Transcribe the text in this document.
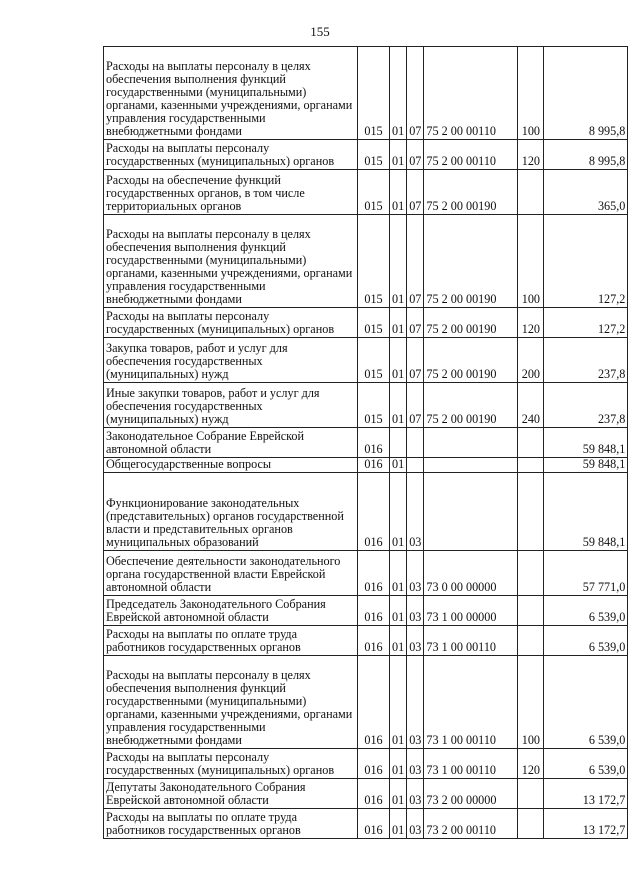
155
Расходы на выплаты персоналу в целях обеспечения выполнения функций государственными (муниципальными) органами, казенными учреждениями, органами управления государственными внебюджетными фондами	015	01	07	75 2 00 00110	100	8 995,8
Расходы на выплаты персоналу государственных (муниципальных) органов	015	01	07	75 2 00 00110	120	8 995,8
Расходы на обеспечение функций государственных органов, в том числе территориальных органов	015	01	07	75 2 00 00190		365,0
Расходы на выплаты персоналу в целях обеспечения выполнения функций государственными (муниципальными) органами, казенными учреждениями, органами управления государственными внебюджетными фондами	015	01	07	75 2 00 00190	100	127,2
Расходы на выплаты персоналу государственных (муниципальных) органов	015	01	07	75 2 00 00190	120	127,2
Закупка товаров, работ и услуг для обеспечения государственных (муниципальных) нужд	015	01	07	75 2 00 00190	200	237,8
Иные закупки товаров, работ и услуг для обеспечения государственных (муниципальных) нужд	015	01	07	75 2 00 00190	240	237,8
Законодательное Собрание Еврейской автономной области	016					59 848,1
Общегосударственные вопросы	016	01				59 848,1
Функционирование законодательных (представительных) органов государственной власти и представительных органов муниципальных образований	016	01	03			59 848,1
Обеспечение деятельности законодательного органа государственной власти Еврейской автономной области	016	01	03	73 0 00 00000		57 771,0
Председатель Законодательного Собрания Еврейской автономной области	016	01	03	73 1 00 00000		6 539,0
Расходы на выплаты по оплате труда работников государственных органов	016	01	03	73 1 00 00110		6 539,0
Расходы на выплаты персоналу в целях обеспечения выполнения функций государственными (муниципальными) органами, казенными учреждениями, органами управления государственными внебюджетными фондами	016	01	03	73 1 00 00110	100	6 539,0
Расходы на выплаты персоналу государственных (муниципальных) органов	016	01	03	73 1 00 00110	120	6 539,0
Депутаты Законодательного Собрания Еврейской автономной области	016	01	03	73 2 00 00000		13 172,7
Расходы на выплаты по оплате труда работников государственных органов	016	01	03	73 2 00 00110		13 172,7
